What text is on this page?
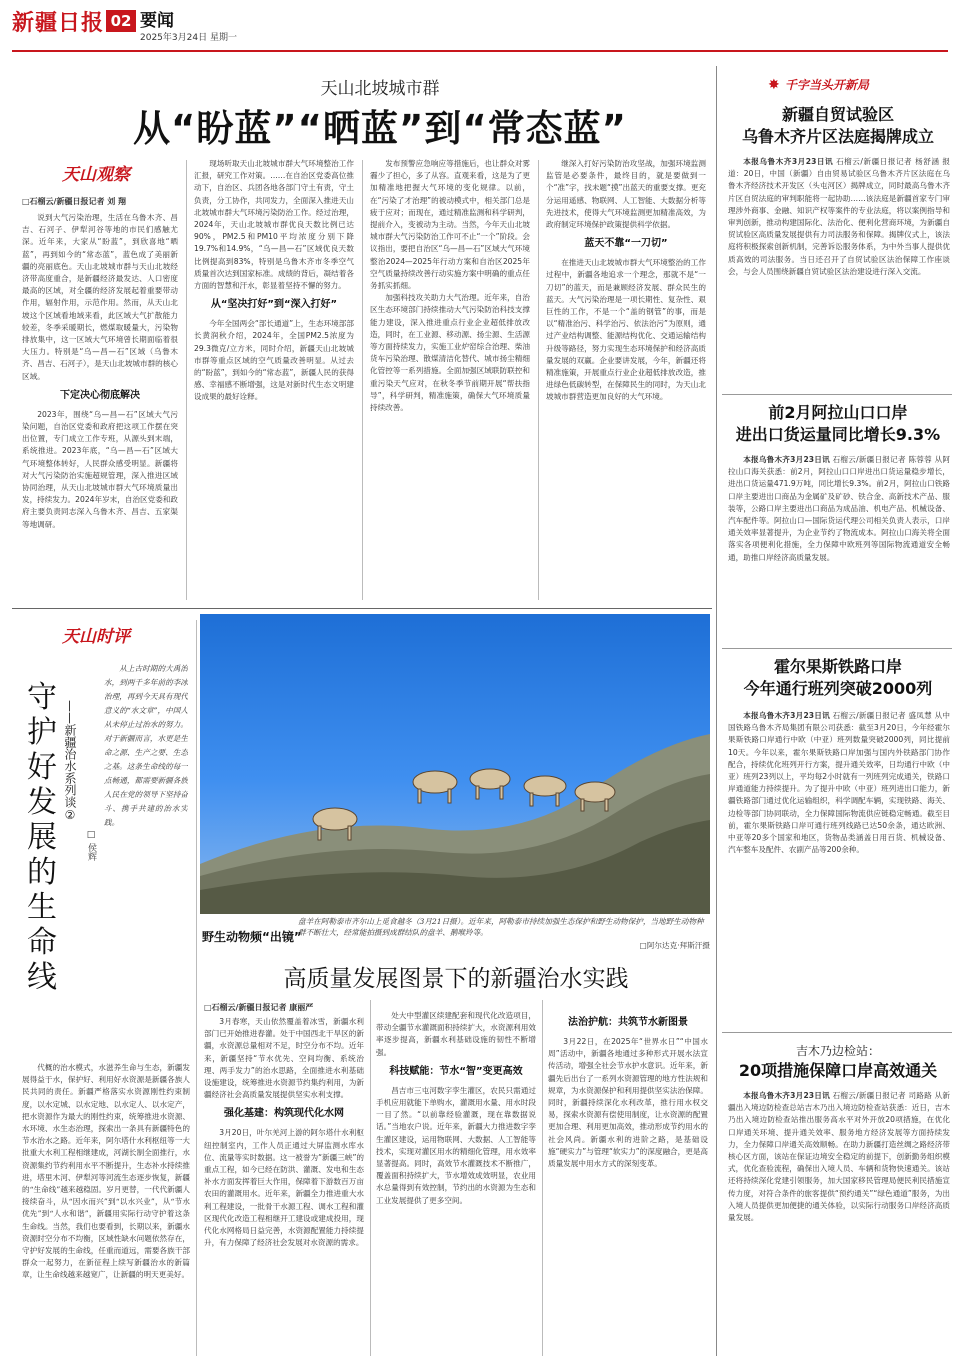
新疆日报 02 要闻
2025年3月24日 星期一
天山北坡城市群
从“盼蓝”“晒蓝”到“常态蓝”
天山观察
□石榴云/新疆日报记者 刘 翔

说到大气污染治理，生活在乌鲁木齐、昌吉、石河子、伊犁河谷等地的市民们感触尤深。近年来，大家从“盼蓝”，到欣喜地“晒蓝”，再到如今的“常态蓝”，蓝色成了美丽新疆的亮丽底色。天山北坡城市群与天山北坡经济带高度重合，是新疆经济最发达、人口密度最高的区域，对全疆的经济发展起着重要带动作用，辐射作用，示范作用。然而，从天山北坡这个区域看地域来看，此区域大气扩散能力较差，冬季采暖期长，燃煤取暖量大，污染物排放集中，这一区域大气环境曾长期面临着很大压力。特别是“乌—昌—石”区域（乌鲁木齐、昌吉、石河子），是天山北坡城市群的核心区域。

下定决心彻底解决

2023年，围绕“乌—昌—石”区域大气污染问题，自治区党委和政府把这项工作摆在突出位置，专门成立工作专班，从源头到末端，系统推进。2023年底，“乌—昌—石”区域大气环境整体转好，人民群众感受明显。新疆将对大气污染防治实施超规管理，深入推进区域协同治理，从天山北坡城市群大气环境质量出发，持续发力。2024年岁末，自治区党委和政府主要负责同志深入乌鲁木齐、昌吉、五家渠等地调研。

现场听取天山北坡城市群大气环境整治工作汇报，研究工作对策。……在自治区党委高位推动下，自治区、兵团各地各部门守土有责，守土负责，分工协作，共同发力，全面深入推进天山北坡城市群大气环境污染防治工作。经过治理，2024年，天山北坡城市群优良天数比例已达90%，PM2.5和PM10平均浓度分别下降19.7%和14.9%，“乌—昌—石”区域优良天数比例提高到83%，特别是乌鲁木齐市冬季空气质量首次达到国家标准。成绩的背后，凝结着各方面的智慧和汗水，彰显着坚持不懈的努力。

从“坚决打好”到“深入打好”

今年全国两会“部长通道”上，生态环境部部长黄润秋介绍，2024年，全国PM2.5浓度为29.3微克/立方米，同时介绍，新疆天山北坡城市群等重点区域的空气质量改善明显。从过去的“盼蓝”，到如今的“常态蓝”，新疆人民的获得感、幸福感不断增强，这是对新时代生态文明建设成果的最好诠释。

发布预警应急响应等措施后，也让群众对雾霾少了担心，多了从容。直观来看，这是为了更加精准地把握大气环境的变化规律。以前，在“污染了才治理”的被动模式中，相关部门总是疲于应对；而现在，通过精准监测和科学研判，提前介入，变被动为主动。当然，今年天山北坡城市群大气污染防治工作可不止“一个”阶段。会议指出，要把自治区“乌—昌—石”区域大气环境整治2024—2025年行动方案和自治区2025年空气质量持续改善行动实施方案中明确的重点任务抓实抓细。

加强科技攻关助力大气治理。近年来，自治区生态环境部门持续推动大气污染防治科技支撑能力建设，深入推进重点行业企业超低排放改造，同时，在工业源、移动源、扬尘源、生活源等方面持续发力，实施工业炉窑综合治理、柴油货车污染治理、散煤清洁化替代、城市扬尘精细化管控等一系列措施。全面加强区域联防联控和重污染天气应对，在秋冬季节前期开展“帮扶指导”，科学研判，精准施策，确保大气环境质量持续改善。

继深入打好污染防治攻坚战，加强环境监测监管是必要条件，最终目的，就是要做到一个“准”字，找未题“摸”出蓝天的重要支撑。更充分运用遥感、物联网、人工智能、大数据分析等先进技术，使得大气环境监测更加精准高效，为政府制定环境保护政策提供科学依据。

蓝天不靠“一刀切”

在推进天山北坡城市群大气环境整治的工作过程中，新疆各地追求一个理念，那就不是“一刀切”的蓝天，而是兼顾经济发展、群众民生的蓝天。大气污染治理是一项长期性、复杂性、艰巨性的工作，不是一个“盖的钢管”的事，而是以“精准治污、科学治污、依法治污”为原则，通过产业结构调整、能源结构优化、交通运输结构升级等路径，努力实现生态环境保护和经济高质量发展的双赢。企业要讲发展，今年，新疆还将精准施策，开展重点行业企业超低排放改造，推进绿色低碳转型，在保障民生的同时，为天山北坡城市群营造更加良好的大气环境。

✸ 千字当头开新局
新疆自贸试验区
乌鲁木齐片区法庭揭牌成立

本报乌鲁木齐3月23日讯 石榴云/新疆日报记者 杨舒涵 报道：20日，中国（新疆）自由贸易试验区乌鲁木齐片区法庭在乌鲁木齐经济技术开发区（头屯河区）揭牌成立，同时最高乌鲁木齐片区自贸法庭的审判职能将一起协助……该法庭是新疆首家专门审理涉外商事、金融、知识产权等案件的专业法庭，将以案例指导和审判创新，推动构建国际化、法治化、便利化营商环境，为新疆自贸试验区高质量发展提供有力司法服务和保障。揭牌仪式上，该法庭将积极探索创新机制，完善诉讼服务体系，为中外当事人提供优质高效的司法服务。当日还召开了自贸试验区法治保障工作座谈会，与会人员围绕新疆自贸试验区法治建设进行深入交流。

前2月阿拉山口口岸
进出口货运量同比增长9.3%

本报乌鲁木齐3月23日讯 石榴云/新疆日报记者 陈蓉蓉 从阿拉山口海关获悉：前2月，阿拉山口口岸进出口货运量稳步增长，进出口货运量471.9万吨，同比增长9.3%。前2月，阿拉山口铁路口岸主要进出口商品为金属矿及矿砂、铁合金、高新技术产品、服装等，公路口岸主要进出口商品为成品油、机电产品、机械设备、汽车配件等。阿拉山口—国际货运代理公司相关负责人表示，口岸通关效率显著提升，为企业节约了物流成本。阿拉山口海关将全面落实各项便利化措施，全力保障中欧班列等国际物流通道安全畅通，助推口岸经济高质量发展。

霍尔果斯铁路口岸
今年通行班列突破2000列

本报乌鲁木齐3月23日讯 石榴云/新疆日报记者 盛凤慧 从中国铁路乌鲁木齐局集团有限公司获悉：截至3月20日，今年经霍尔果斯铁路口岸通行中欧（中亚）班列数量突破2000列，同比提前10天。今年以来，霍尔果斯铁路口岸加强与国内外铁路部门协作配合，持续优化班列开行方案，提升通关效率，日均通行中欧（中亚）班列23列以上，平均每2小时就有一列班列完成通关，铁路口岸通道能力持续提升。为了提升中欧（中亚）班列进出口能力，新疆铁路部门通过优化运输组织，科学调配车辆，实现铁路、海关、边检等部门协同联动，全力保障国际物流供应链稳定畅通。截至目前，霍尔果斯铁路口岸可通行班列线路已达50余条，通达欧洲、中亚等20多个国家和地区，货物品类涵盖日用百货、机械设备、汽车整车及配件、农副产品等200余种。

吉木乃边检站：
20项措施保障口岸高效通关

本报乌鲁木齐3月23日讯 石榴云/新疆日报记者 司路路 从新疆出入境边防检查总站吉木乃出入境边防检查站获悉：近日，吉木乃出入境边防检查站推出服务高水平对外开放20项措施，在优化口岸通关环境、提升通关效率、服务地方经济发展等方面持续发力，全力保障口岸通关高效顺畅。在助力新疆打造丝绸之路经济带核心区方面，该站在保证边境安全稳定的前提下，创新勤务组织模式，优化查验流程，确保出入境人员、车辆和货物快速通关。该站还将持续深化党建引领服务，加大国家移民管理局便民利民措施宣传力度，对符合条件的旅客提供“预约通关”“绿色通道”服务，为出入境人员提供更加便捷的通关体验，以实际行动服务口岸经济高质量发展。

天山时评
守
护
好
发
展
的
生
命
线
——新疆治水系列谈②
□ 侯辉
从上古时期的大禹治水，到两千多年前的李冰治理，再到今天具有现代意义的“水文章”，中国人从未停止过治水的努力。对于新疆而言，水更是生命之源、生产之要、生态之基。这条生命线的每一点畅通，都需要新疆各族人民在党的领导下坚持奋斗、携手共建的治水实践。
代概的治水模式，水滋养生命与生态，新疆发展得益于水，保护好、利用好水资源是新疆各族人民共同的责任。新疆严格落实水资源刚性约束制度，以水定城、以水定地、以水定人、以水定产，把水资源作为最大的刚性约束，统筹推进水资源、水环境、水生态治理，探索出一条具有新疆特色的节水治水之路。近年来，阿尔塔什水利枢纽等一大批重大水利工程相继建成，河湖长制全面推行，水资源集约节约利用水平不断提升，生态补水持续推进，塔里木河、伊犁河等河流生态逐步恢复，新疆的“生命线”越来越稳固。岁月更替，一代代新疆人接续奋斗，从“因水而兴”到“以水兴业”，从“节水优先”到“人水和谐”，新疆用实际行动守护着这条生命线。当然，我们也要看到，长期以来，新疆水资源时空分布不均衡，区域性缺水问题依然存在，守护好发展的生命线，任重而道远，需要各族干部群众一起努力，在新征程上续写新疆治水的新篇章，让生命线越来越宽广，让新疆的明天更美好。
野生动物频“出镜”
盘羊在阿勒泰市齐尔山上觅食越冬（3月21日摄）。近年来，阿勒泰市持续加强生态保护和野生动物保护，当地野生动物种群不断壮大，经常能拍摄到成群结队的盘羊、鹅喉羚等。
□阿尔达克·拜斯汗摄
高质量发展图景下的新疆治水实践
□石榴云/新疆日报记者 康丽严

3月春寒，天山依然覆盖着冰雪，新疆水利部门已开始推进春灌。处于中国西北干旱区的新疆，水资源总量相对不足，时空分布不均。近年来，新疆坚持“节水优先、空间均衡、系统治理、两手发力”的治水思路，全面推进水利基础设施建设，统筹推进水资源节约集约利用，为新疆经济社会高质量发展提供坚实水利支撑。

强化基建：构筑现代化水网

3月20日，叶尔羌河上游的阿尔塔什水利枢纽控制室内，工作人员正通过大屏监测水库水位、流量等实时数据。这一被誉为“新疆三峡”的重点工程，如今已经在防洪、灌溉、发电和生态补水方面发挥着巨大作用，保障着下游数百万亩农田的灌溉用水。近年来，新疆全力推进重大水利工程建设，一批骨干水源工程、调水工程和灌区现代化改造工程相继开工建设或建成投用，现代化水网格局日益完善，水资源配置能力持续提升，有力保障了经济社会发展对水资源的需求。

处大中型灌区续建配套和现代化改造项目，带动全疆节水灌溉面积持续扩大，水资源利用效率逐步提高，新疆水利基础设施的韧性不断增强。

科技赋能：节水“智”变更高效

昌吉市三屯河数字孪生灌区，农民只需通过手机应用就能下单购水，灌溉用水量、用水时段一目了然。“以前靠经验灌溉，现在靠数据说话。”当地农户说。近年来，新疆大力推进数字孪生灌区建设，运用物联网、大数据、人工智能等技术，实现对灌区用水的精细化管理，用水效率显著提高。同时，高效节水灌溉技术不断推广，覆盖面积持续扩大，节水增效成效明显，农业用水总量得到有效控制，节约出的水资源为生态和工业发展提供了更多空间。

法治护航：共筑节水新图景

3月22日，在2025年“世界水日”“中国水周”活动中，新疆各地通过多种形式开展水法宣传活动，增强全社会节水护水意识。近年来，新疆先后出台了一系列水资源管理的地方性法规和规章，为水资源保护和利用提供坚实法治保障。同时，新疆持续深化水利改革，推行用水权交易，探索水资源有偿使用制度，让水资源的配置更加合理、利用更加高效，推动形成节约用水的社会风尚。新疆水利的进阶之路，是基础设施“硬实力”与管理“软实力”的深度融合，更是高质量发展中用水方式的深刻变革。
